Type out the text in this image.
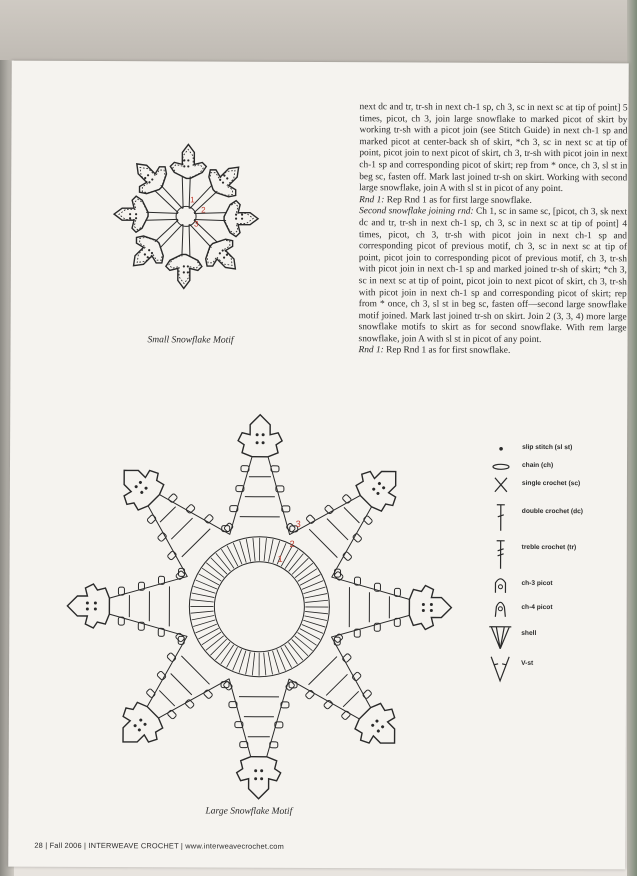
1
2
3
Small Snowflake Motif

next dc and tr, tr-sh in next ch-1 sp, ch 3, sc in next sc at tip of point] 5 times, picot, ch 3, join large snowflake to marked picot of skirt by working tr-sh with a picot join (see Stitch Guide) in next ch-1 sp and marked picot at center-back sh of skirt, *ch 3, sc in next sc at tip of point, picot join to next picot of skirt, ch 3, tr-sh with picot join in next ch-1 sp and corresponding picot of skirt; rep from * once, ch 3, sl st in beg sc, fasten off. Mark last joined tr-sh on skirt. Working with second large snowflake, join A with sl st in picot of any point.

Rnd 1: Rep Rnd 1 as for first large snowflake.

Second snowflake joining rnd: Ch 1, sc in same sc, [picot, ch 3, sk next dc and tr, tr-sh in next ch-1 sp, ch 3, sc in next sc at tip of point] 4 times, picot, ch 3, tr-sh with picot join in next ch-1 sp and corresponding picot of previous motif, ch 3, sc in next sc at tip of point, picot join to corresponding picot of previous motif, ch 3, tr-sh with picot join in next ch-1 sp and marked joined tr-sh of skirt; *ch 3, sc in next sc at tip of point, picot join to next picot of skirt, ch 3, tr-sh with picot join in next ch-1 sp and corresponding picot of skirt; rep from * once, ch 3, sl st in beg sc, fasten off—second large snowflake motif joined. Mark last joined tr-sh on skirt. Join 2 (3, 3, 4) more large snowflake motifs to skirt as for second snowflake. With rem large snowflake, join A with sl st in picot of any point.

Rnd 1: Rep Rnd 1 as for first snowflake.

1
2
3
Large Snowflake Motif
slip stitch (sl st)
chain (ch)
single crochet (sc)
double crochet (dc)
treble crochet (tr)
ch-3 picot
ch-4 picot
shell
V-st
28 | Fall 2006 | INTERWEAVE CROCHET | www.interweavecrochet.com
